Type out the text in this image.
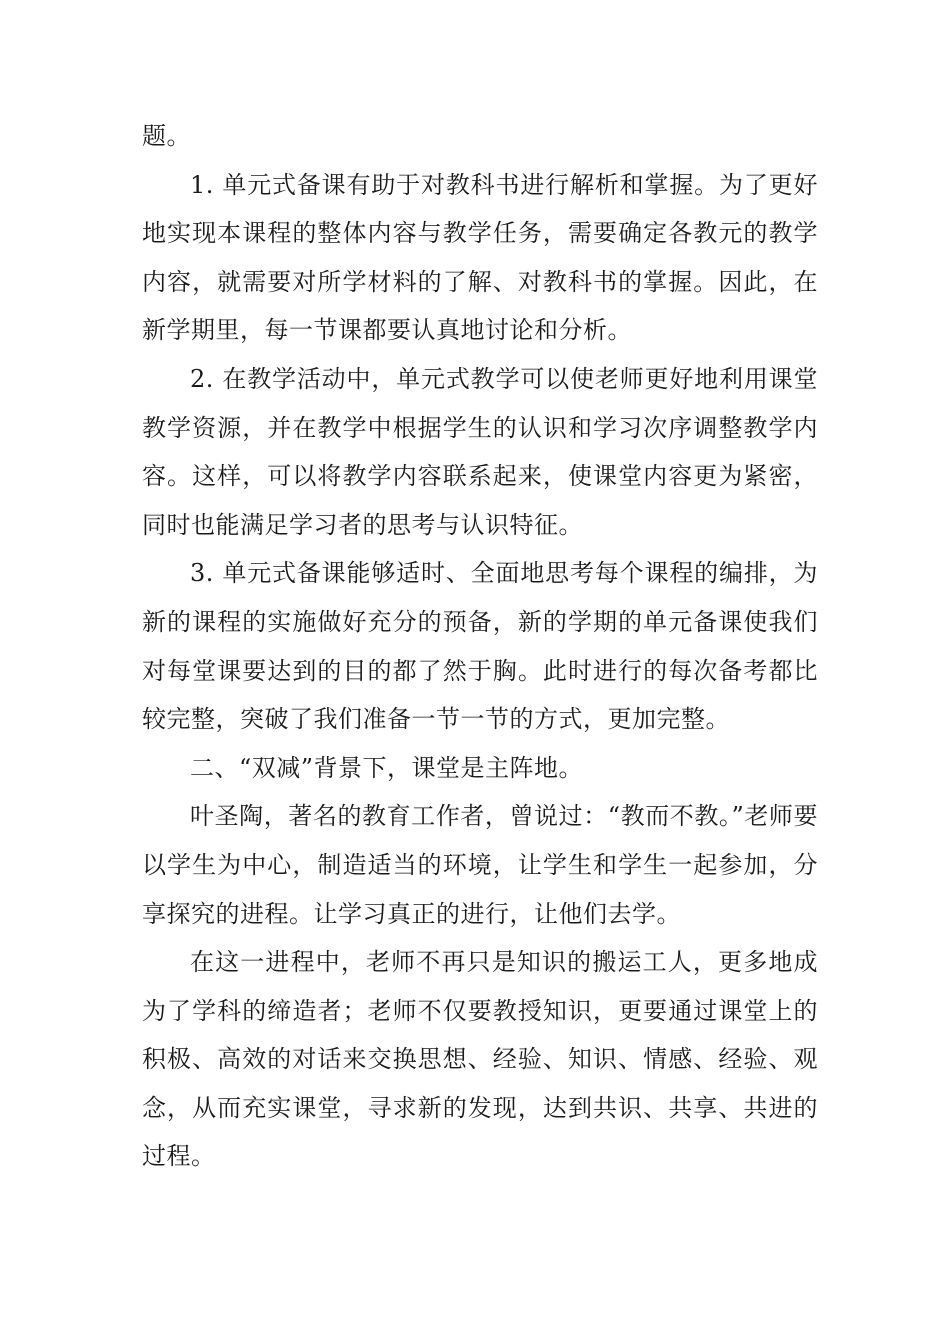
题。

1. 单元式备课有助于对教科书进行解析和掌握。为了更好地实现本课程的整体内容与教学任务，需要确定各教元的教学内容，就需要对所学材料的了解、对教科书的掌握。因此，在新学期里，每一节课都要认真地讨论和分析。

2. 在教学活动中，单元式教学可以使老师更好地利用课堂教学资源，并在教学中根据学生的认识和学习次序调整教学内容。这样，可以将教学内容联系起来，使课堂内容更为紧密，同时也能满足学习者的思考与认识特征。

3. 单元式备课能够适时、全面地思考每个课程的编排，为新的课程的实施做好充分的预备，新的学期的单元备课使我们对每堂课要达到的目的都了然于胸。此时进行的每次备考都比较完整，突破了我们准备一节一节的方式，更加完整。

二、“双减”背景下，课堂是主阵地。

叶圣陶，著名的教育工作者，曾说过：“教而不教。”老师要以学生为中心，制造适当的环境，让学生和学生一起参加，分享探究的进程。让学习真正的进行，让他们去学。

在这一进程中，老师不再只是知识的搬运工人，更多地成为了学科的缔造者；老师不仅要教授知识，更要通过课堂上的积极、高效的对话来交换思想、经验、知识、情感、经验、观念，从而充实课堂，寻求新的发现，达到共识、共享、共进的过程。
